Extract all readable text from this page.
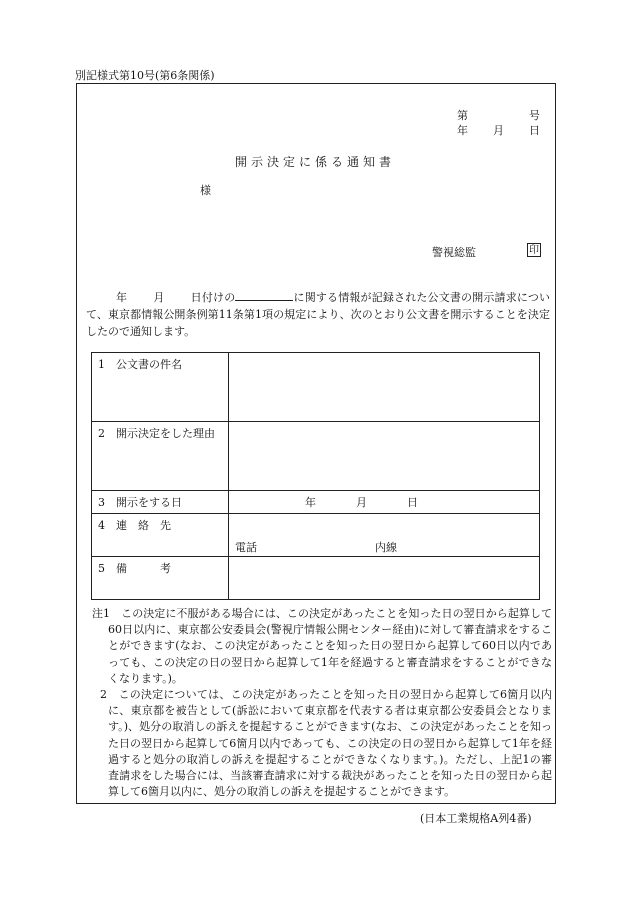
別記様式第10号(第6条関係)
第	号
年 月 日
開示決定に係る通知書
様
警視総監	印
年 月 日付けの	に関する情報が記録された公文書の開示請求について、東京都情報公開条例第11条第1項の規定により、次のとおり公文書を開示することを決定したので通知します。
1　公文書の件名	
2　開示決定をした理由	
3　開示をする日	年 月 日
4　連　絡　先	電話 内線
5　備　　　考	

注1　この決定に不服がある場合には、この決定があったことを知った日の翌日から起算して60日以内に、東京都公安委員会(警視庁情報公開センター経由)に対して審査請求をすることができます(なお、この決定があったことを知った日の翌日から起算して60日以内であっても、この決定の日の翌日から起算して1年を経過すると審査請求をすることができなくなります。)。

2　この決定については、この決定があったことを知った日の翌日から起算して6箇月以内に、東京都を被告として(訴訟において東京都を代表する者は東京都公安委員会となります。)、処分の取消しの訴えを提起することができます(なお、この決定があったことを知った日の翌日から起算して6箇月以内であっても、この決定の日の翌日から起算して1年を経過すると処分の取消しの訴えを提起することができなくなります。)。ただし、上記1の審査請求をした場合には、当該審査請求に対する裁決があったことを知った日の翌日から起算して6箇月以内に、処分の取消しの訴えを提起することができます。

(日本工業規格A列4番)
